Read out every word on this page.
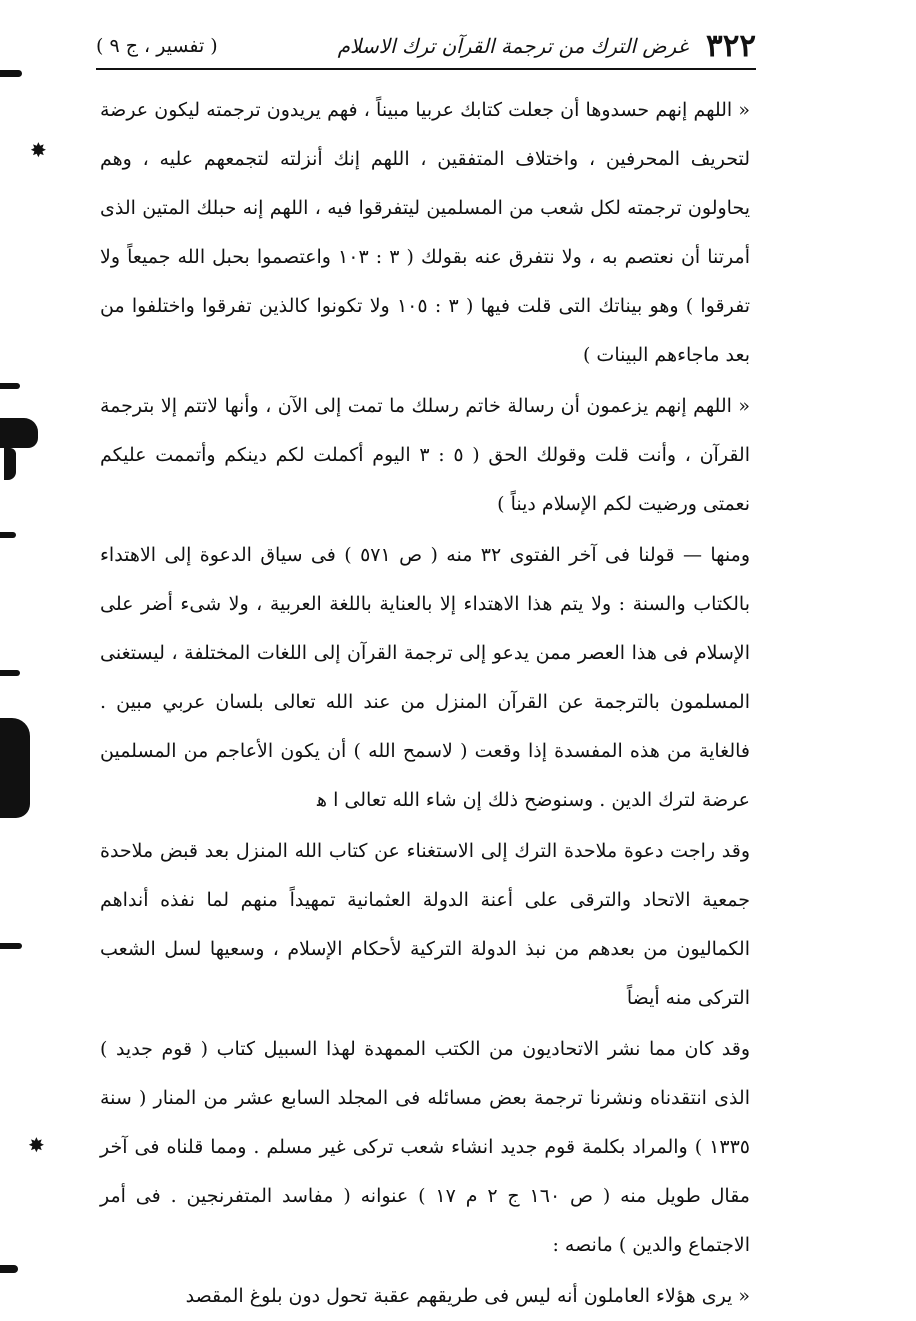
٣٢٢
غرض الترك من ترجمة القرآن ترك الاسلام
( تفسير ، ج ٩ )

« اللهم إنهم حسدوها أن جعلت كتابك عربيا مبيناً ، فهم يريدون ترجمته ليكون عرضة لتحريف المحرفين ، واختلاف المتفقين ، اللهم إنك أنزلته لتجمعهم عليه ، وهم يحاولون ترجمته لكل شعب من المسلمين ليتفرقوا فيه ، اللهم إنه حبلك المتين الذى أمرتنا أن نعتصم به ، ولا نتفرق عنه بقولك ( ٣ : ١٠٣ واعتصموا بحبل الله جميعاً ولا تفرقوا ) وهو بيناتك التى قلت فيها ( ٣ : ١٠٥ ولا تكونوا كالذين تفرقوا واختلفوا من بعد ماجاءهم البينات )

« اللهم إنهم يزعمون أن رسالة خاتم رسلك ما تمت إلى الآن ، وأنها لاتتم إلا بترجمة القرآن ، وأنت قلت وقولك الحق ( ٥ : ٣ اليوم أكملت لكم دينكم وأتممت عليكم نعمتى ورضيت لكم الإسلام ديناً )

ومنها — قولنا فى آخر الفتوى ٣٢ منه ( ص ٥٧١ ) فى سياق الدعوة إلى الاهتداء بالكتاب والسنة : ولا يتم هذا الاهتداء إلا بالعناية باللغة العربية ، ولا شىء أضر على الإسلام فى هذا العصر ممن يدعو إلى ترجمة القرآن إلى اللغات المختلفة ، ليستغنى المسلمون بالترجمة عن القرآن المنزل من عند الله تعالى بلسان عربي مبين . فالغاية من هذه المفسدة إذا وقعت ( لاسمح الله ) أن يكون الأعاجم من المسلمين عرضة لترك الدين . وسنوضح ذلك إن شاء الله تعالى ا ﻫ

وقد راجت دعوة ملاحدة الترك إلى الاستغناء عن كتاب الله المنزل بعد قبض ملاحدة جمعية الاتحاد والترقى على أعنة الدولة العثمانية تمهيداً منهم لما نفذه أنداهم الكماليون من بعدهم من نبذ الدولة التركية لأحكام الإسلام ، وسعيها لسل الشعب التركى منه أيضاً

وقد كان مما نشر الاتحاديون من الكتب الممهدة لهذا السبيل كتاب ( قوم جديد ) الذى انتقدناه ونشرنا ترجمة بعض مسائله فى المجلد السابع عشر من المنار ( سنة ١٣٣٥ ) والمراد بكلمة قوم جديد انشاء شعب تركى غير مسلم . ومما قلناه فى آخر مقال طويل منه ( ص ١٦٠ ج ٢ م ١٧ ) عنوانه ( مفاسد المتفرنجين . فى أمر الاجتماع والدين ) مانصه :

« يرى هؤلاء العاملون أنه ليس فى طريقهم عقبة تحول دون بلوغ المقصد

✸
✸
